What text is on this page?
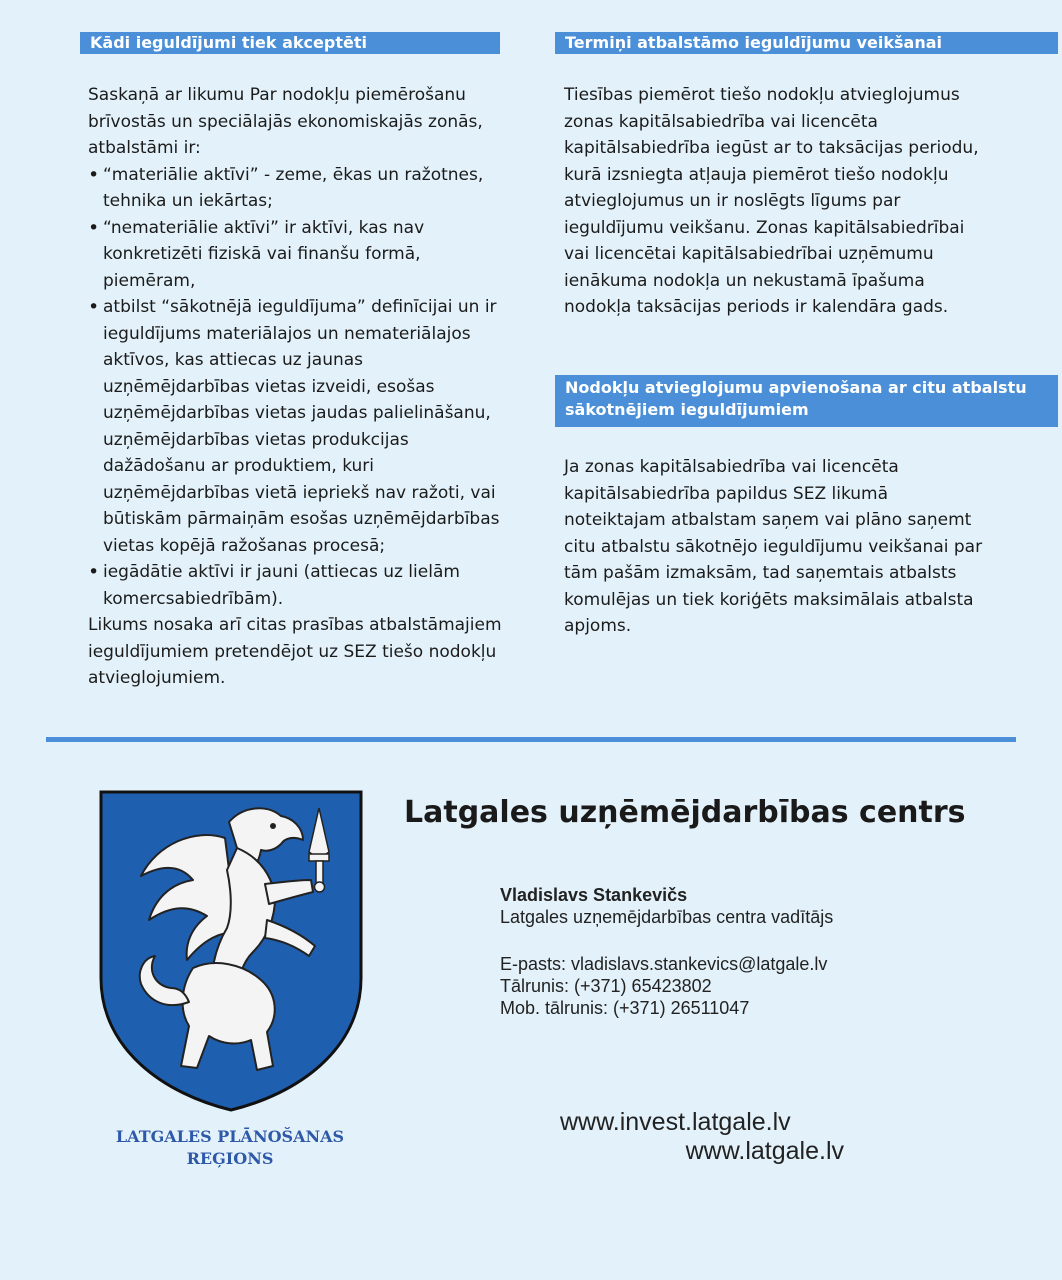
Kādi ieguldījumi tiek akceptēti

Saskaņā ar likumu Par nodokļu piemērošanu brīvostās un speciālajās ekonomiskajās zonās, atbalstāmi ir:

• “materiālie aktīvi” - zeme, ēkas un ražotnes, tehnika un iekārtas;
• “nemateriālie aktīvi” ir aktīvi, kas nav konkretizēti fiziskā vai finanšu formā, piemēram,
• atbilst “sākotnējā ieguldījuma” definīcijai un ir ieguldījums materiālajos un nemateriālajos aktīvos, kas attiecas uz jaunas uzņēmējdarbības vietas izveidi, esošas uzņēmējdarbības vietas jaudas palielināšanu, uzņēmējdarbības vietas produkcijas dažādošanu ar produktiem, kuri uzņēmējdarbības vietā iepriekš nav ražoti, vai būtiskām pārmaiņām esošas uzņēmējdarbības vietas kopējā ražošanas procesā;
• iegādātie aktīvi ir jauni (attiecas uz lielām komercsabiedrībām).

Likums nosaka arī citas prasības atbalstāmajiem ieguldījumiem pretendējot uz SEZ tiešo nodokļu atvieglojumiem.

Termiņi atbalstāmo ieguldījumu veikšanai

Tiesības piemērot tiešo nodokļu atvieglojumus zonas kapitālsabiedrība vai licencēta kapitālsabiedrība iegūst ar to taksācijas periodu, kurā izsniegta atļauja piemērot tiešo nodokļu atvieglojumus un ir noslēgts līgums par ieguldījumu veikšanu. Zonas kapitālsabiedrībai vai licencētai kapitālsabiedrībai uzņēmumu ienākuma nodokļa un nekustamā īpašuma nodokļa taksācijas periods ir kalendāra gads.

Nodokļu atvieglojumu apvienošana ar citu atbalstu sākotnējiem ieguldījumiem

Ja zonas kapitālsabiedrība vai licencēta kapitālsabiedrība papildus SEZ likumā noteiktajam atbalstam saņem vai plāno saņemt citu atbalstu sākotnējo ieguldījumu veikšanai par tām pašām izmaksām, tad saņemtais atbalsts komulējas un tiek koriģēts maksimālais atbalsta apjoms.

LATGALES PLĀNOŠANAS
REĢIONS
Latgales uzņēmējdarbības centrs
Vladislavs Stankevičs
Latgales uzņemējdarbības centra vadītājs
E-pasts: vladislavs.stankevics@latgale.lv
Tālrunis: (+371) 65423802
Mob. tālrunis: (+371) 26511047
www.invest.latgale.lv
www.latgale.lv
